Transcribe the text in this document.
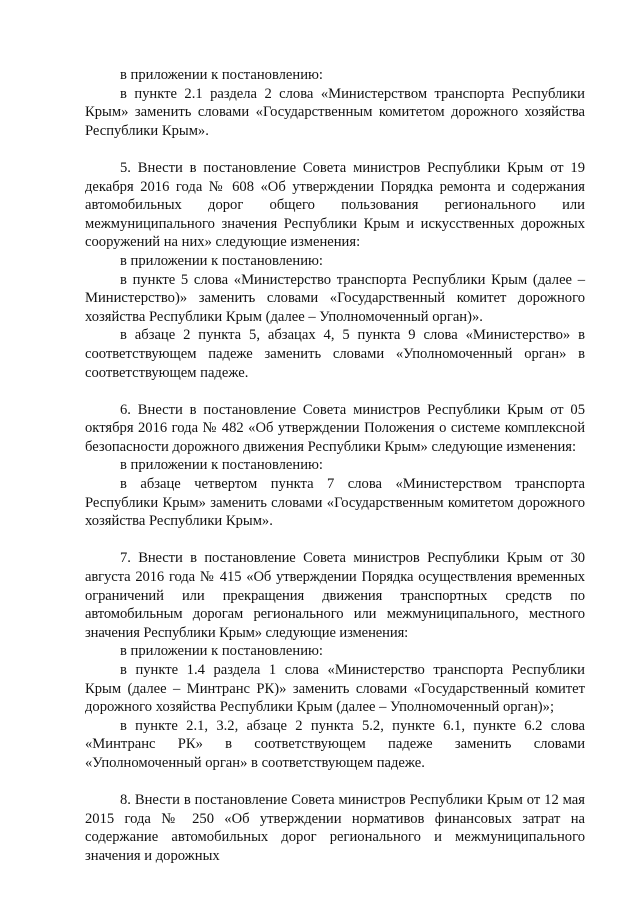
в приложении к постановлению:

в пункте 2.1 раздела 2 слова «Министерством транспорта Республики Крым» заменить словами «Государственным комитетом дорожного хозяйства Республики Крым».

5. Внести в постановление Совета министров Республики Крым от 19 декабря 2016 года № 608 «Об утверждении Порядка ремонта и содержания автомобильных дорог общего пользования регионального или межмуниципального значения Республики Крым и искусственных дорожных сооружений на них» следующие изменения:

в приложении к постановлению:

в пункте 5 слова «Министерство транспорта Республики Крым (далее – Министерство)» заменить словами «Государственный комитет дорожного хозяйства Республики Крым (далее – Уполномоченный орган)».

в абзаце 2 пункта 5, абзацах 4, 5 пункта 9 слова «Министерство» в соответствующем падеже заменить словами «Уполномоченный орган» в соответствующем падеже.

6. Внести в постановление Совета министров Республики Крым от 05 октября 2016 года № 482 «Об утверждении Положения о системе комплексной безопасности дорожного движения Республики Крым» следующие изменения:

в приложении к постановлению:

в абзаце четвертом пункта 7 слова «Министерством транспорта Республики Крым» заменить словами «Государственным комитетом дорожного хозяйства Республики Крым».

7. Внести в постановление Совета министров Республики Крым от 30 августа 2016 года № 415 «Об утверждении Порядка осуществления временных ограничений или прекращения движения транспортных средств по автомобильным дорогам регионального или межмуниципального, местного значения Республики Крым» следующие изменения:

в приложении к постановлению:

в пункте 1.4 раздела 1 слова «Министерство транспорта Республики Крым (далее – Минтранс РК)» заменить словами «Государственный комитет дорожного хозяйства Республики Крым (далее – Уполномоченный орган)»;

в пункте 2.1, 3.2, абзаце 2 пункта 5.2, пункте 6.1, пункте 6.2 слова «Минтранс РК» в соответствующем падеже заменить словами «Уполномоченный орган» в соответствующем падеже.

8. Внести в постановление Совета министров Республики Крым от 12 мая 2015 года № 250 «Об утверждении нормативов финансовых затрат на содержание автомобильных дорог регионального и межмуниципального значения и дорожных
